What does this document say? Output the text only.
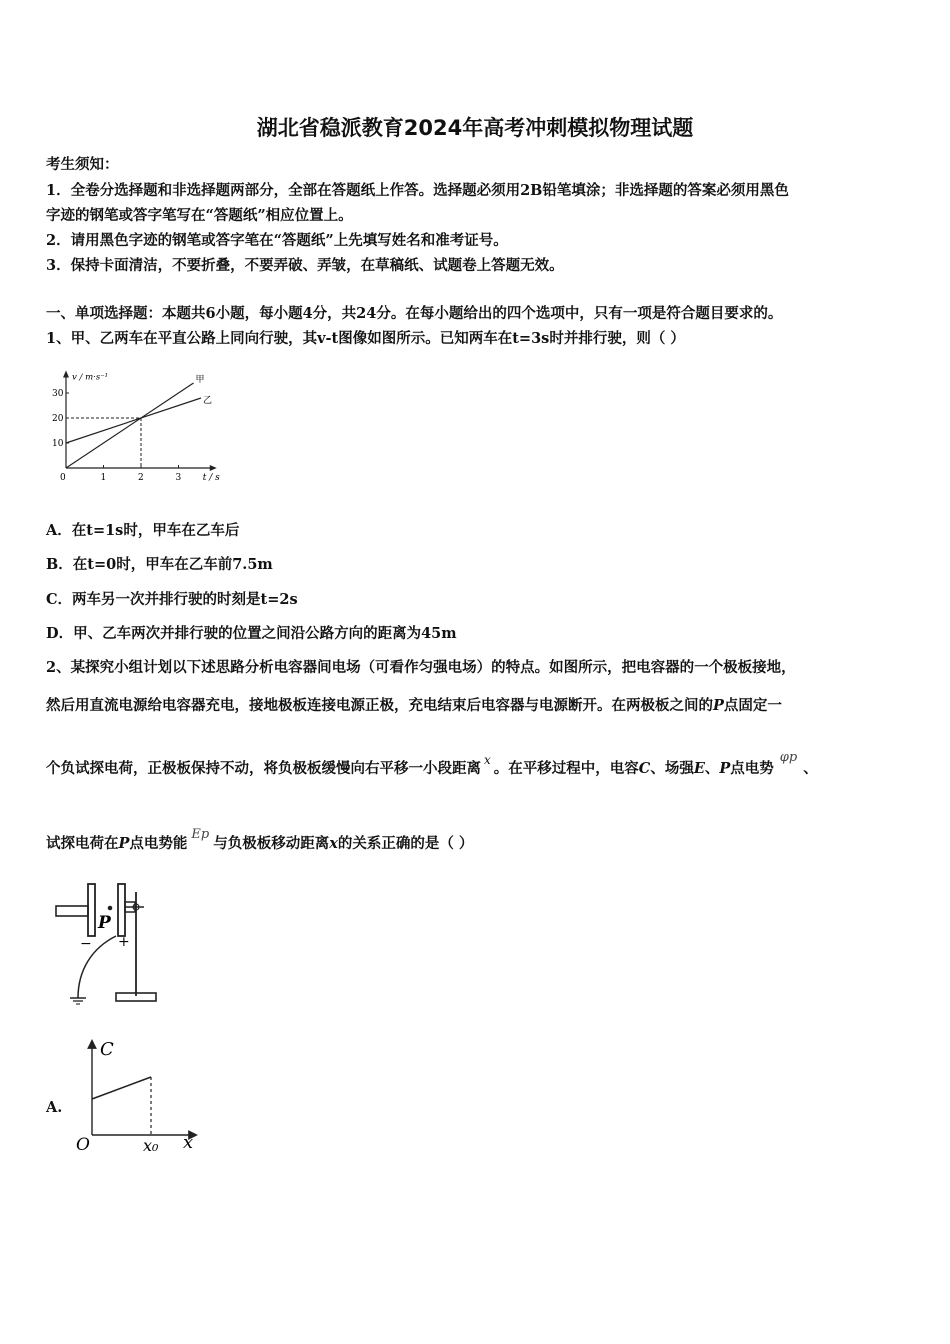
湖北省稳派教育2024年高考冲刺模拟物理试题
考生须知：
1．全卷分选择题和非选择题两部分，全部在答题纸上作答。选择题必须用2B铅笔填涂；非选择题的答案必须用黑色
字迹的钢笔或答字笔写在“答题纸”相应位置上。
2．请用黑色字迹的钢笔或答字笔在“答题纸”上先填写姓名和准考证号。
3．保持卡面清洁，不要折叠，不要弄破、弄皱，在草稿纸、试题卷上答题无效。
一、单项选择题：本题共6小题，每小题4分，共24分。在每小题给出的四个选项中，只有一项是符合题目要求的。
1、甲、乙两车在平直公路上同向行驶，其v-t图像如图所示。已知两车在t=3s时并排行驶，则（ ）
v / m·s⁻¹
t / s
0	1	2	3
10
20
30
甲
乙
A．在t=1s时，甲车在乙车后
B．在t=0时，甲车在乙车前7.5m
C．两车另一次并排行驶的时刻是t=2s
D．甲、乙车两次并排行驶的位置之间沿公路方向的距离为45m
2、某探究小组计划以下述思路分析电容器间电场（可看作匀强电场）的特点。如图所示，把电容器的一个极板接地，
然后用直流电源给电容器充电，接地极板连接电源正极，充电结束后电容器与电源断开。在两极板之间的P点固定一
个负试探电荷，正极板保持不动，将负极板缓慢向右平移一小段距离 $^x$ 。在平移过程中，电容C、场强E、P点电势φp、
试探电荷在P点电势能Ep与负极板移动距离x的关系正确的是（ ）
P
− +
A.
C
O	x₀ x
